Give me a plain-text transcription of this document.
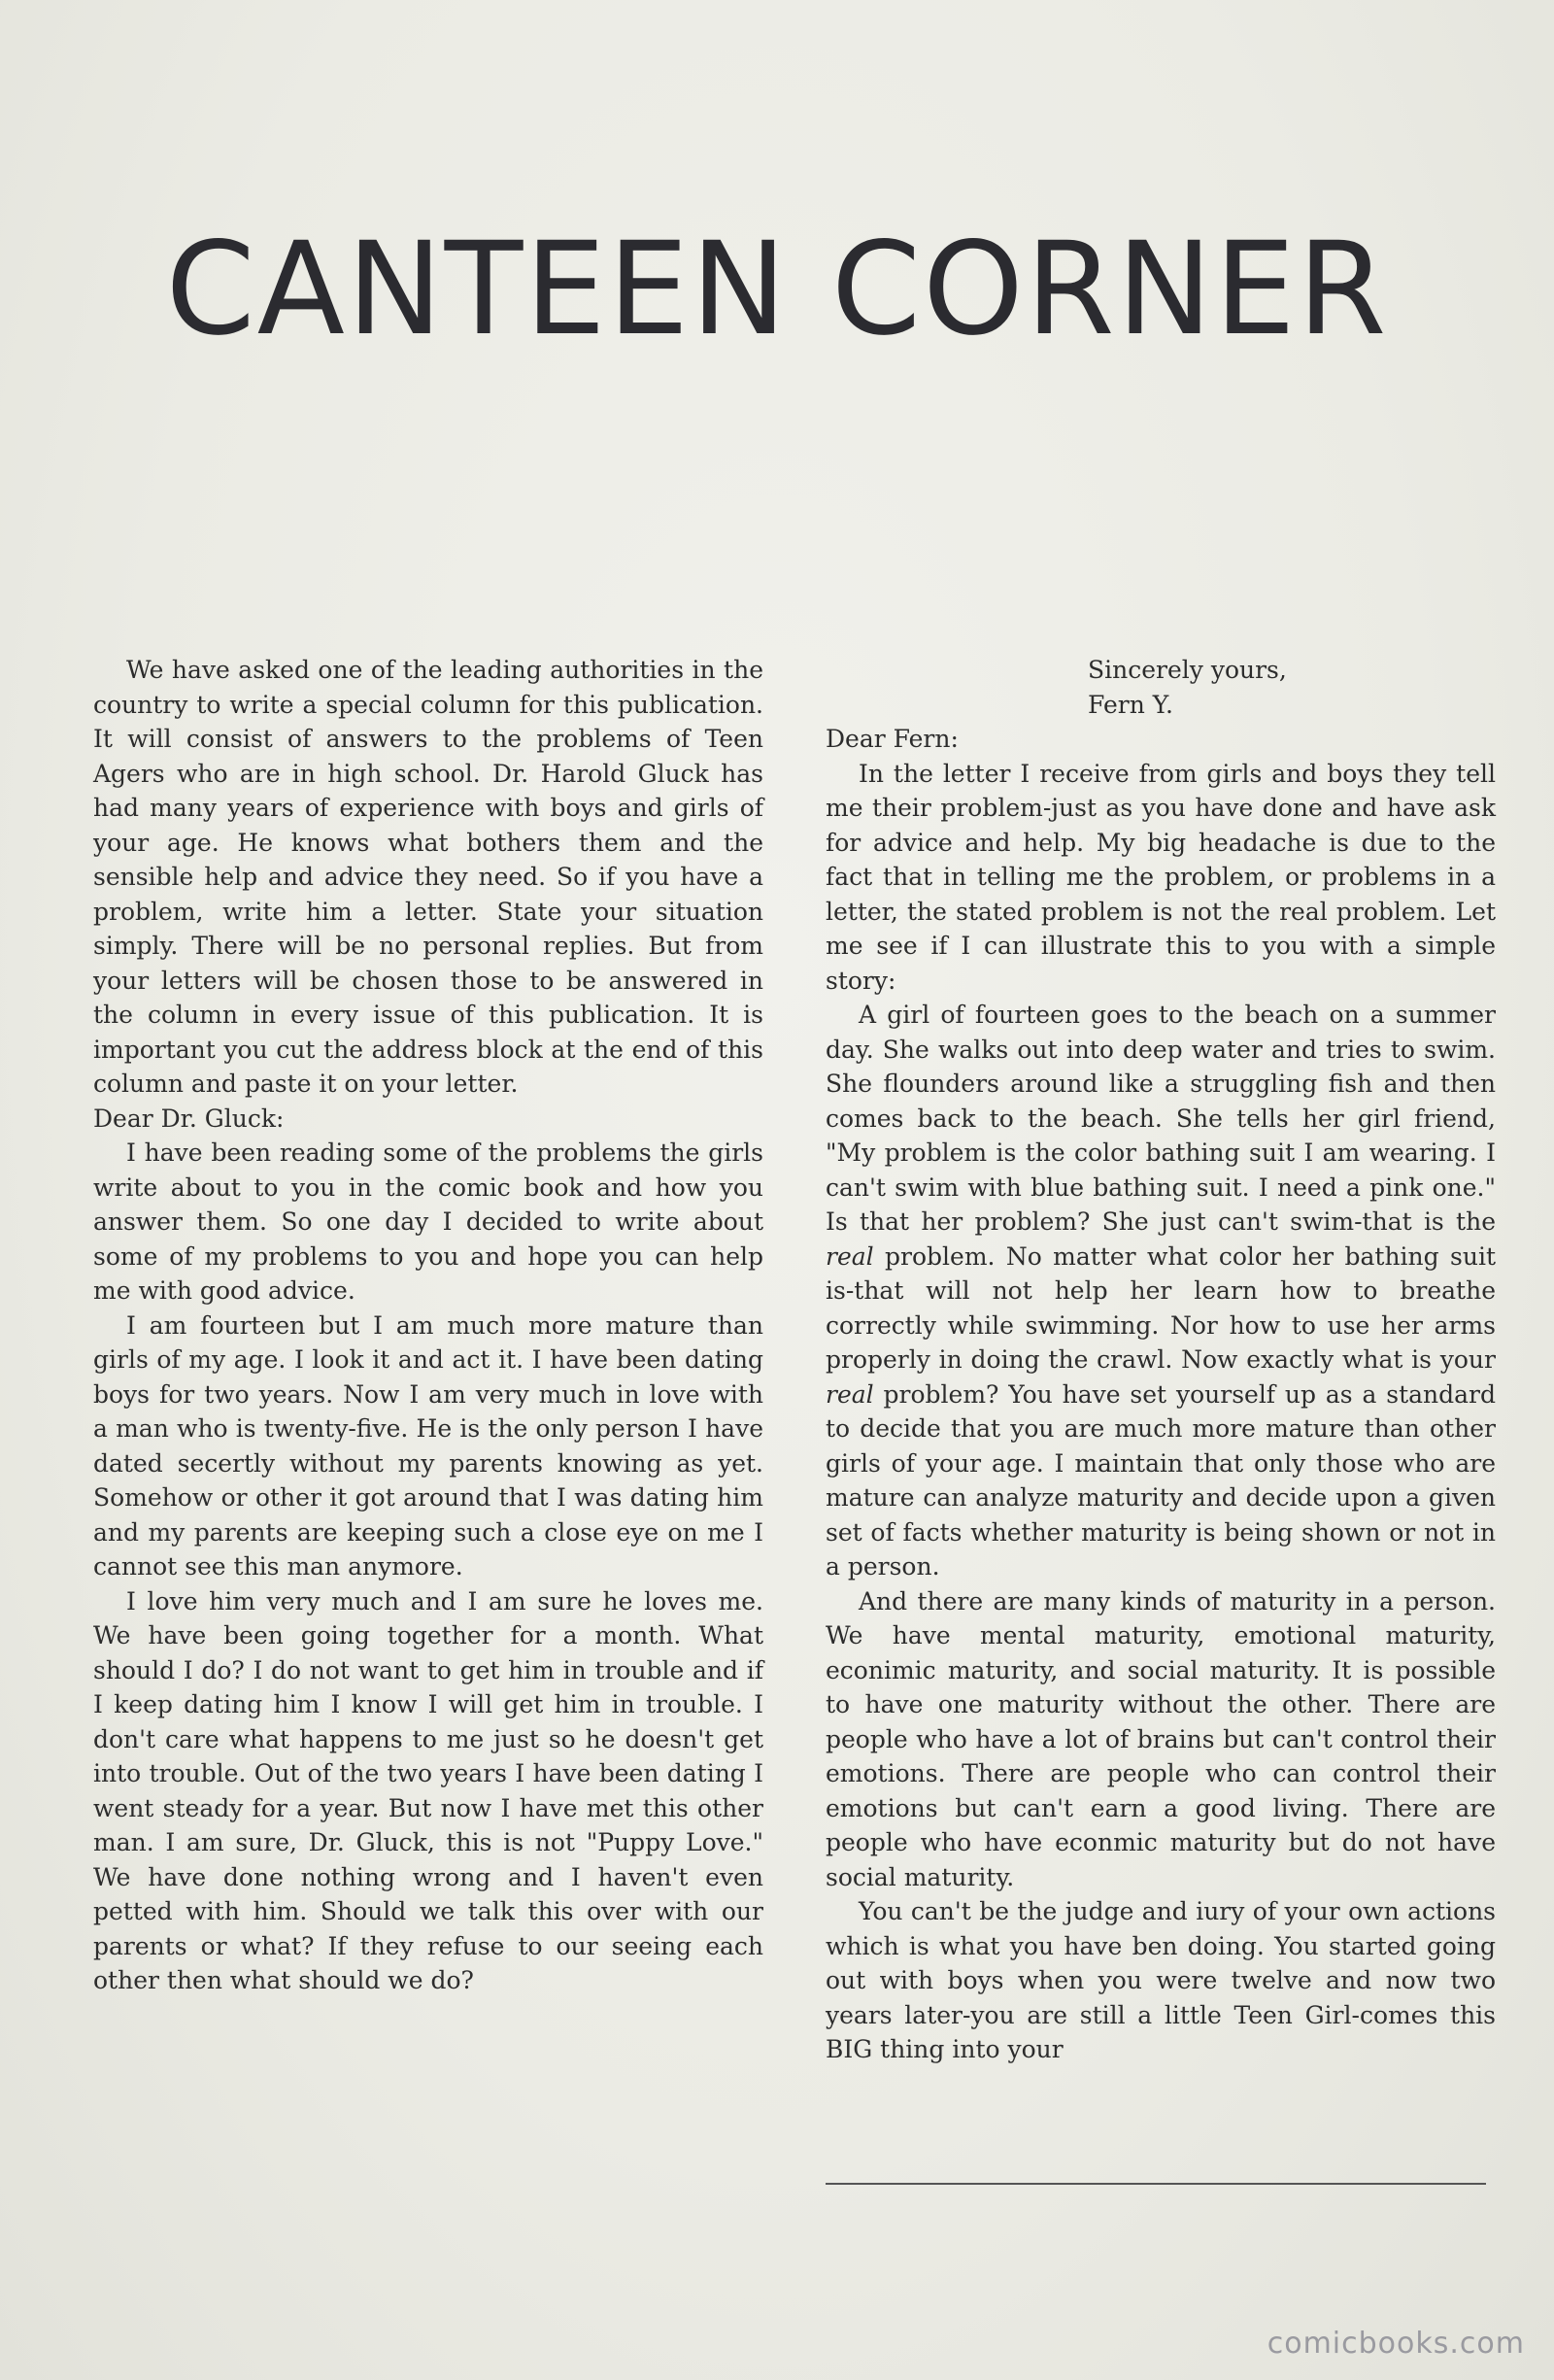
CANTEEN CORNER

We have asked one of the leading authorities in the country to write a special column for this publication. It will consist of answers to the problems of Teen Agers who are in high school. Dr. Harold Gluck has had many years of experience with boys and girls of your age. He knows what bothers them and the sensible help and advice they need. So if you have a problem, write him a letter. State your situation simply. There will be no personal replies. But from your letters will be chosen those to be answered in the column in every issue of this publication. It is important you cut the address block at the end of this column and paste it on your letter.

Dear Dr. Gluck:

I have been reading some of the problems the girls write about to you in the comic book and how you answer them. So one day I decided to write about some of my problems to you and hope you can help me with good advice.

I am fourteen but I am much more mature than girls of my age. I look it and act it. I have been dating boys for two years. Now I am very much in love with a man who is twenty-five. He is the only person I have dated secertly without my parents knowing as yet. Somehow or other it got around that I was dating him and my parents are keeping such a close eye on me I cannot see this man anymore.

I love him very much and I am sure he loves me. We have been going together for a month. What should I do? I do not want to get him in trouble and if I keep dating him I know I will get him in trouble. I don't care what happens to me just so he doesn't get into trouble. Out of the two years I have been dating I went steady for a year. But now I have met this other man. I am sure, Dr. Gluck, this is not "Puppy Love." We have done nothing wrong and I haven't even petted with him. Should we talk this over with our parents or what? If they refuse to our seeing each other then what should we do?

Sincerely yours,
Fern Y.

Dear Fern:

In the letter I receive from girls and boys they tell me their problem-just as you have done and have ask for advice and help. My big headache is due to the fact that in telling me the problem, or problems in a letter, the stated problem is not the real problem. Let me see if I can illustrate this to you with a simple story:

A girl of fourteen goes to the beach on a summer day. She walks out into deep water and tries to swim. She flounders around like a struggling fish and then comes back to the beach. She tells her girl friend, "My problem is the color bathing suit I am wearing. I can't swim with blue bathing suit. I need a pink one." Is that her problem? She just can't swim-that is the real problem. No matter what color her bathing suit is-that will not help her learn how to breathe correctly while swimming. Nor how to use her arms properly in doing the crawl. Now exactly what is your real problem? You have set yourself up as a standard to decide that you are much more mature than other girls of your age. I maintain that only those who are mature can analyze maturity and decide upon a given set of facts whether maturity is being shown or not in a person.

And there are many kinds of maturity in a person. We have mental maturity, emotional maturity, econimic maturity, and social maturity. It is possible to have one maturity without the other. There are people who have a lot of brains but can't control their emotions. There are people who can control their emotions but can't earn a good living. There are people who have econmic maturity but do not have social maturity.

You can't be the judge and iury of your own actions which is what you have ben doing. You started going out with boys when you were twelve and now two years later-you are still a little Teen Girl-comes this BIG thing into your

comicbooks.com
